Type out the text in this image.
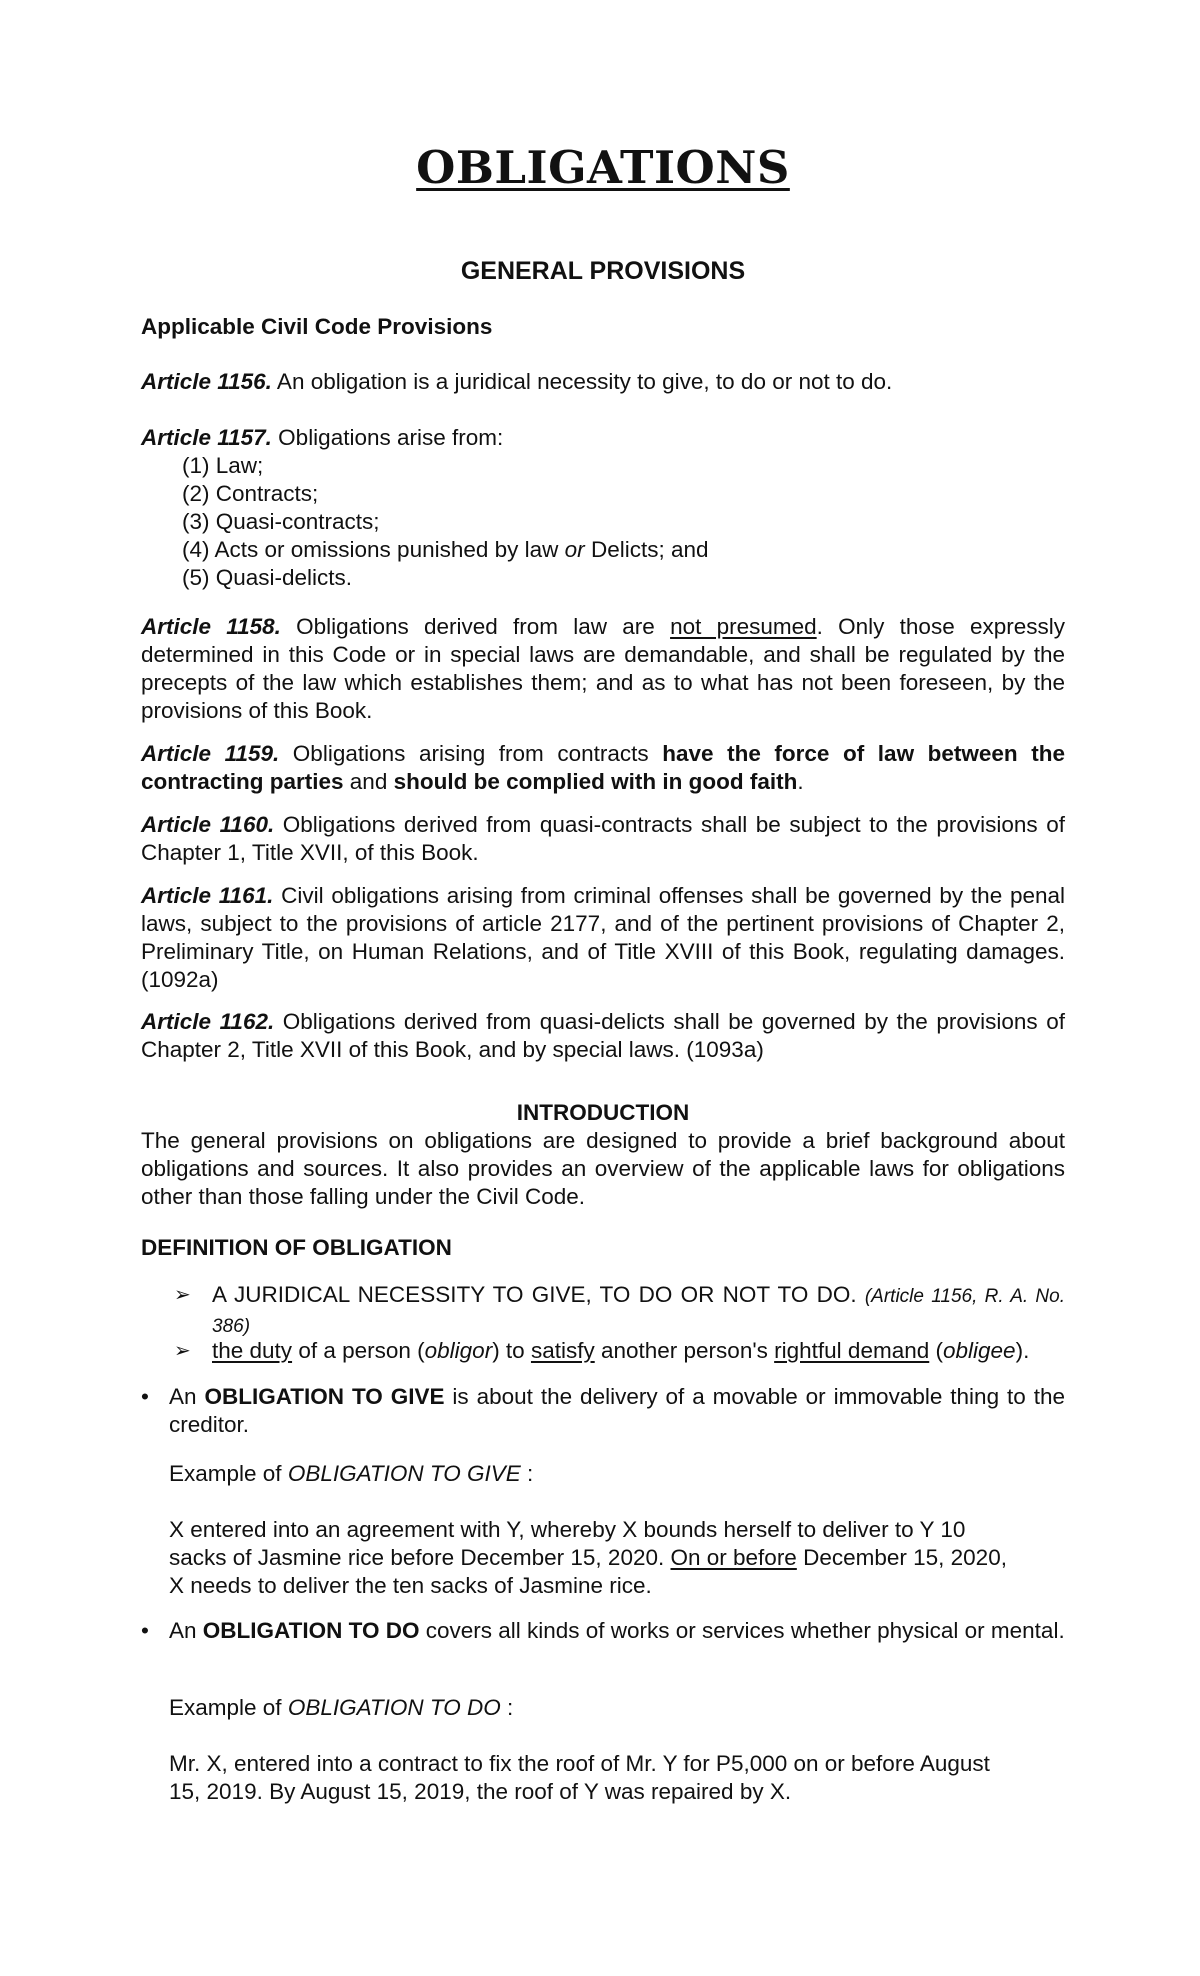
OBLIGATIONS
GENERAL PROVISIONS
Applicable Civil Code Provisions
Article 1156. An obligation is a juridical necessity to give, to do or not to do.
Article 1157. Obligations arise from:
(1) Law;
(2) Contracts;
(3) Quasi-contracts;
(4) Acts or omissions punished by law or Delicts; and
(5) Quasi-delicts.
Article 1158. Obligations derived from law are not presumed. Only those expressly determined in this Code or in special laws are demandable, and shall be regulated by the precepts of the law which establishes them; and as to what has not been foreseen, by the provisions of this Book.
Article 1159. Obligations arising from contracts have the force of law between the contracting parties and should be complied with in good faith.
Article 1160. Obligations derived from quasi-contracts shall be subject to the provisions of Chapter 1, Title XVII, of this Book.
Article 1161. Civil obligations arising from criminal offenses shall be governed by the penal laws, subject to the provisions of article 2177, and of the pertinent provisions of Chapter 2, Preliminary Title, on Human Relations, and of Title XVIII of this Book, regulating damages. (1092a)
Article 1162. Obligations derived from quasi-delicts shall be governed by the provisions of Chapter 2, Title XVII of this Book, and by special laws. (1093a)
INTRODUCTION
The general provisions on obligations are designed to provide a brief background about obligations and sources. It also provides an overview of the applicable laws for obligations other than those falling under the Civil Code.
DEFINITION OF OBLIGATION
➢ A JURIDICAL NECESSITY TO GIVE, TO DO OR NOT TO DO. (Article 1156, R. A. No. 386)
➢ the duty of a person (obligor) to satisfy another person's rightful demand (obligee).
• An OBLIGATION TO GIVE is about the delivery of a movable or immovable thing to the creditor.
Example of OBLIGATION TO GIVE :
X entered into an agreement with Y, whereby X bounds herself to deliver to Y 10
sacks of Jasmine rice before December 15, 2020. On or before December 15, 2020,
X needs to deliver the ten sacks of Jasmine rice.
• An OBLIGATION TO DO covers all kinds of works or services whether physical or mental.
Example of OBLIGATION TO DO :
Mr. X, entered into a contract to fix the roof of Mr. Y for P5,000 on or before August
15, 2019. By August 15, 2019, the roof of Y was repaired by X.
